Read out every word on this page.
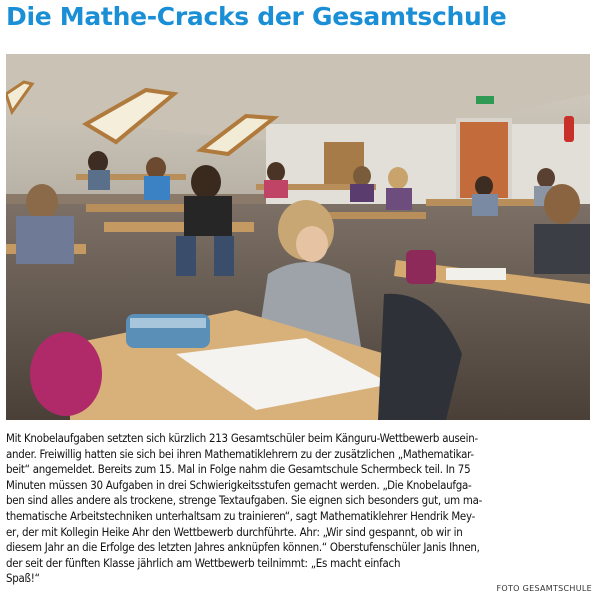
Die Mathe-Cracks der Gesamtschule
Mit Knobelaufgaben setzten sich kürzlich 213 Gesamtschüler beim Känguru-Wettbewerb ausein-
ander. Freiwillig hatten sie sich bei ihren Mathematiklehrern zu der zusätzlichen „Mathematikar-
beit“ angemeldet. Bereits zum 15. Mal in Folge nahm die Gesamtschule Schermbeck teil. In 75
Minuten müssen 30 Aufgaben in drei Schwierigkeitsstufen gemacht werden. „Die Knobelaufga-
ben sind alles andere als trockene, strenge Textaufgaben. Sie eignen sich besonders gut, um ma-
thematische Arbeitstechniken unterhaltsam zu trainieren“, sagt Mathematiklehrer Hendrik Mey-
er, der mit Kollegin Heike Ahr den Wettbewerb durchführte. Ahr: „Wir sind gespannt, ob wir in
diesem Jahr an die Erfolge des letzten Jahres anknüpfen können.“ Oberstufenschüler Janis Ihnen,
der seit der fünften Klasse jährlich am Wettbewerb teilnimmt: „Es macht einfach
Spaß!“
FOTO GESAMTSCHULE
